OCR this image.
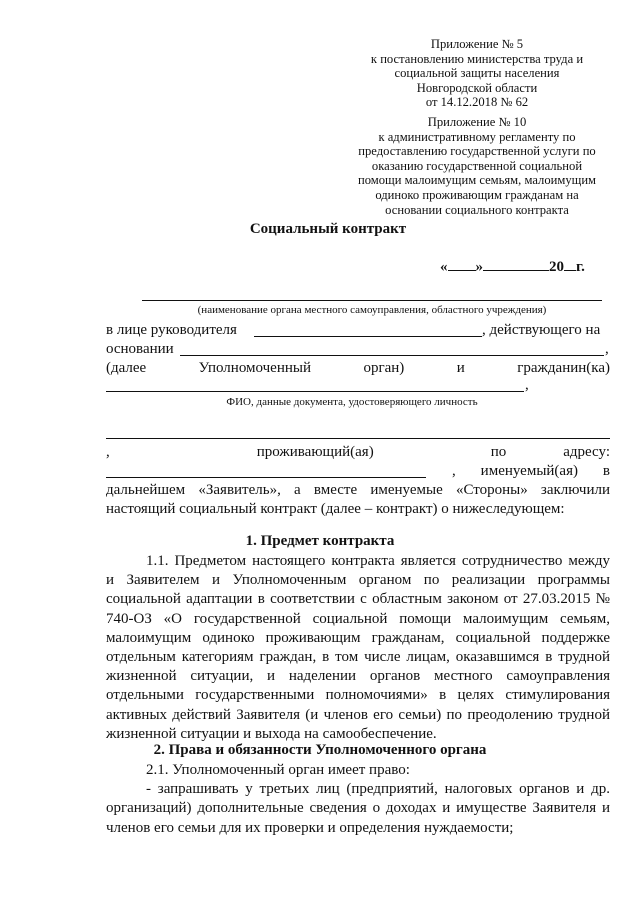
Приложение № 5
к постановлению министерства труда и
социальной защиты населения
Новгородской области
от 14.12.2018 № 62
Приложение № 10
к административному регламенту по
предоставлению государственной услуги по
оказанию государственной социальной
помощи малоимущим семьям, малоимущим
одиноко проживающим гражданам на
основании социального контракта
Социальный контракт
« »	20 г.
(наименование органа местного самоуправления, областного учреждения)
в лице руководителя	, действующего на
основании	,
(далее	Уполномоченный	орган)	и	гражданин(ка)
,
ФИО, данные документа, удостоверяющего личность
,	проживающий(ая)	по	адресу:
, именуемый(ая) в
дальнейшем «Заявитель», а вместе именуемые «Стороны» заключили
настоящий социальный контракт (далее – контракт) о нижеследующем:
1. Предмет контракта
1.1. Предметом настоящего контракта является сотрудничество между
и Заявителем и Уполномоченным органом по реализации программы
социальной адаптации в соответствии с областным законом от 27.03.2015 №
740-ОЗ «О государственной социальной помощи малоимущим семьям,
малоимущим одиноко проживающим гражданам, социальной поддержке
отдельным категориям граждан, в том числе лицам, оказавшимся в трудной
жизненной ситуации, и наделении органов местного самоуправления
отдельными государственными полномочиями» в целях стимулирования
активных действий Заявителя (и членов его семьи) по преодолению трудной
жизненной ситуации и выхода на самообеспечение.
2. Права и обязанности Уполномоченного органа
2.1. Уполномоченный орган имеет право:
- запрашивать у третьих лиц (предприятий, налоговых органов и др.
организаций) дополнительные сведения о доходах и имуществе Заявителя и
членов его семьи для их проверки и определения нуждаемости;
